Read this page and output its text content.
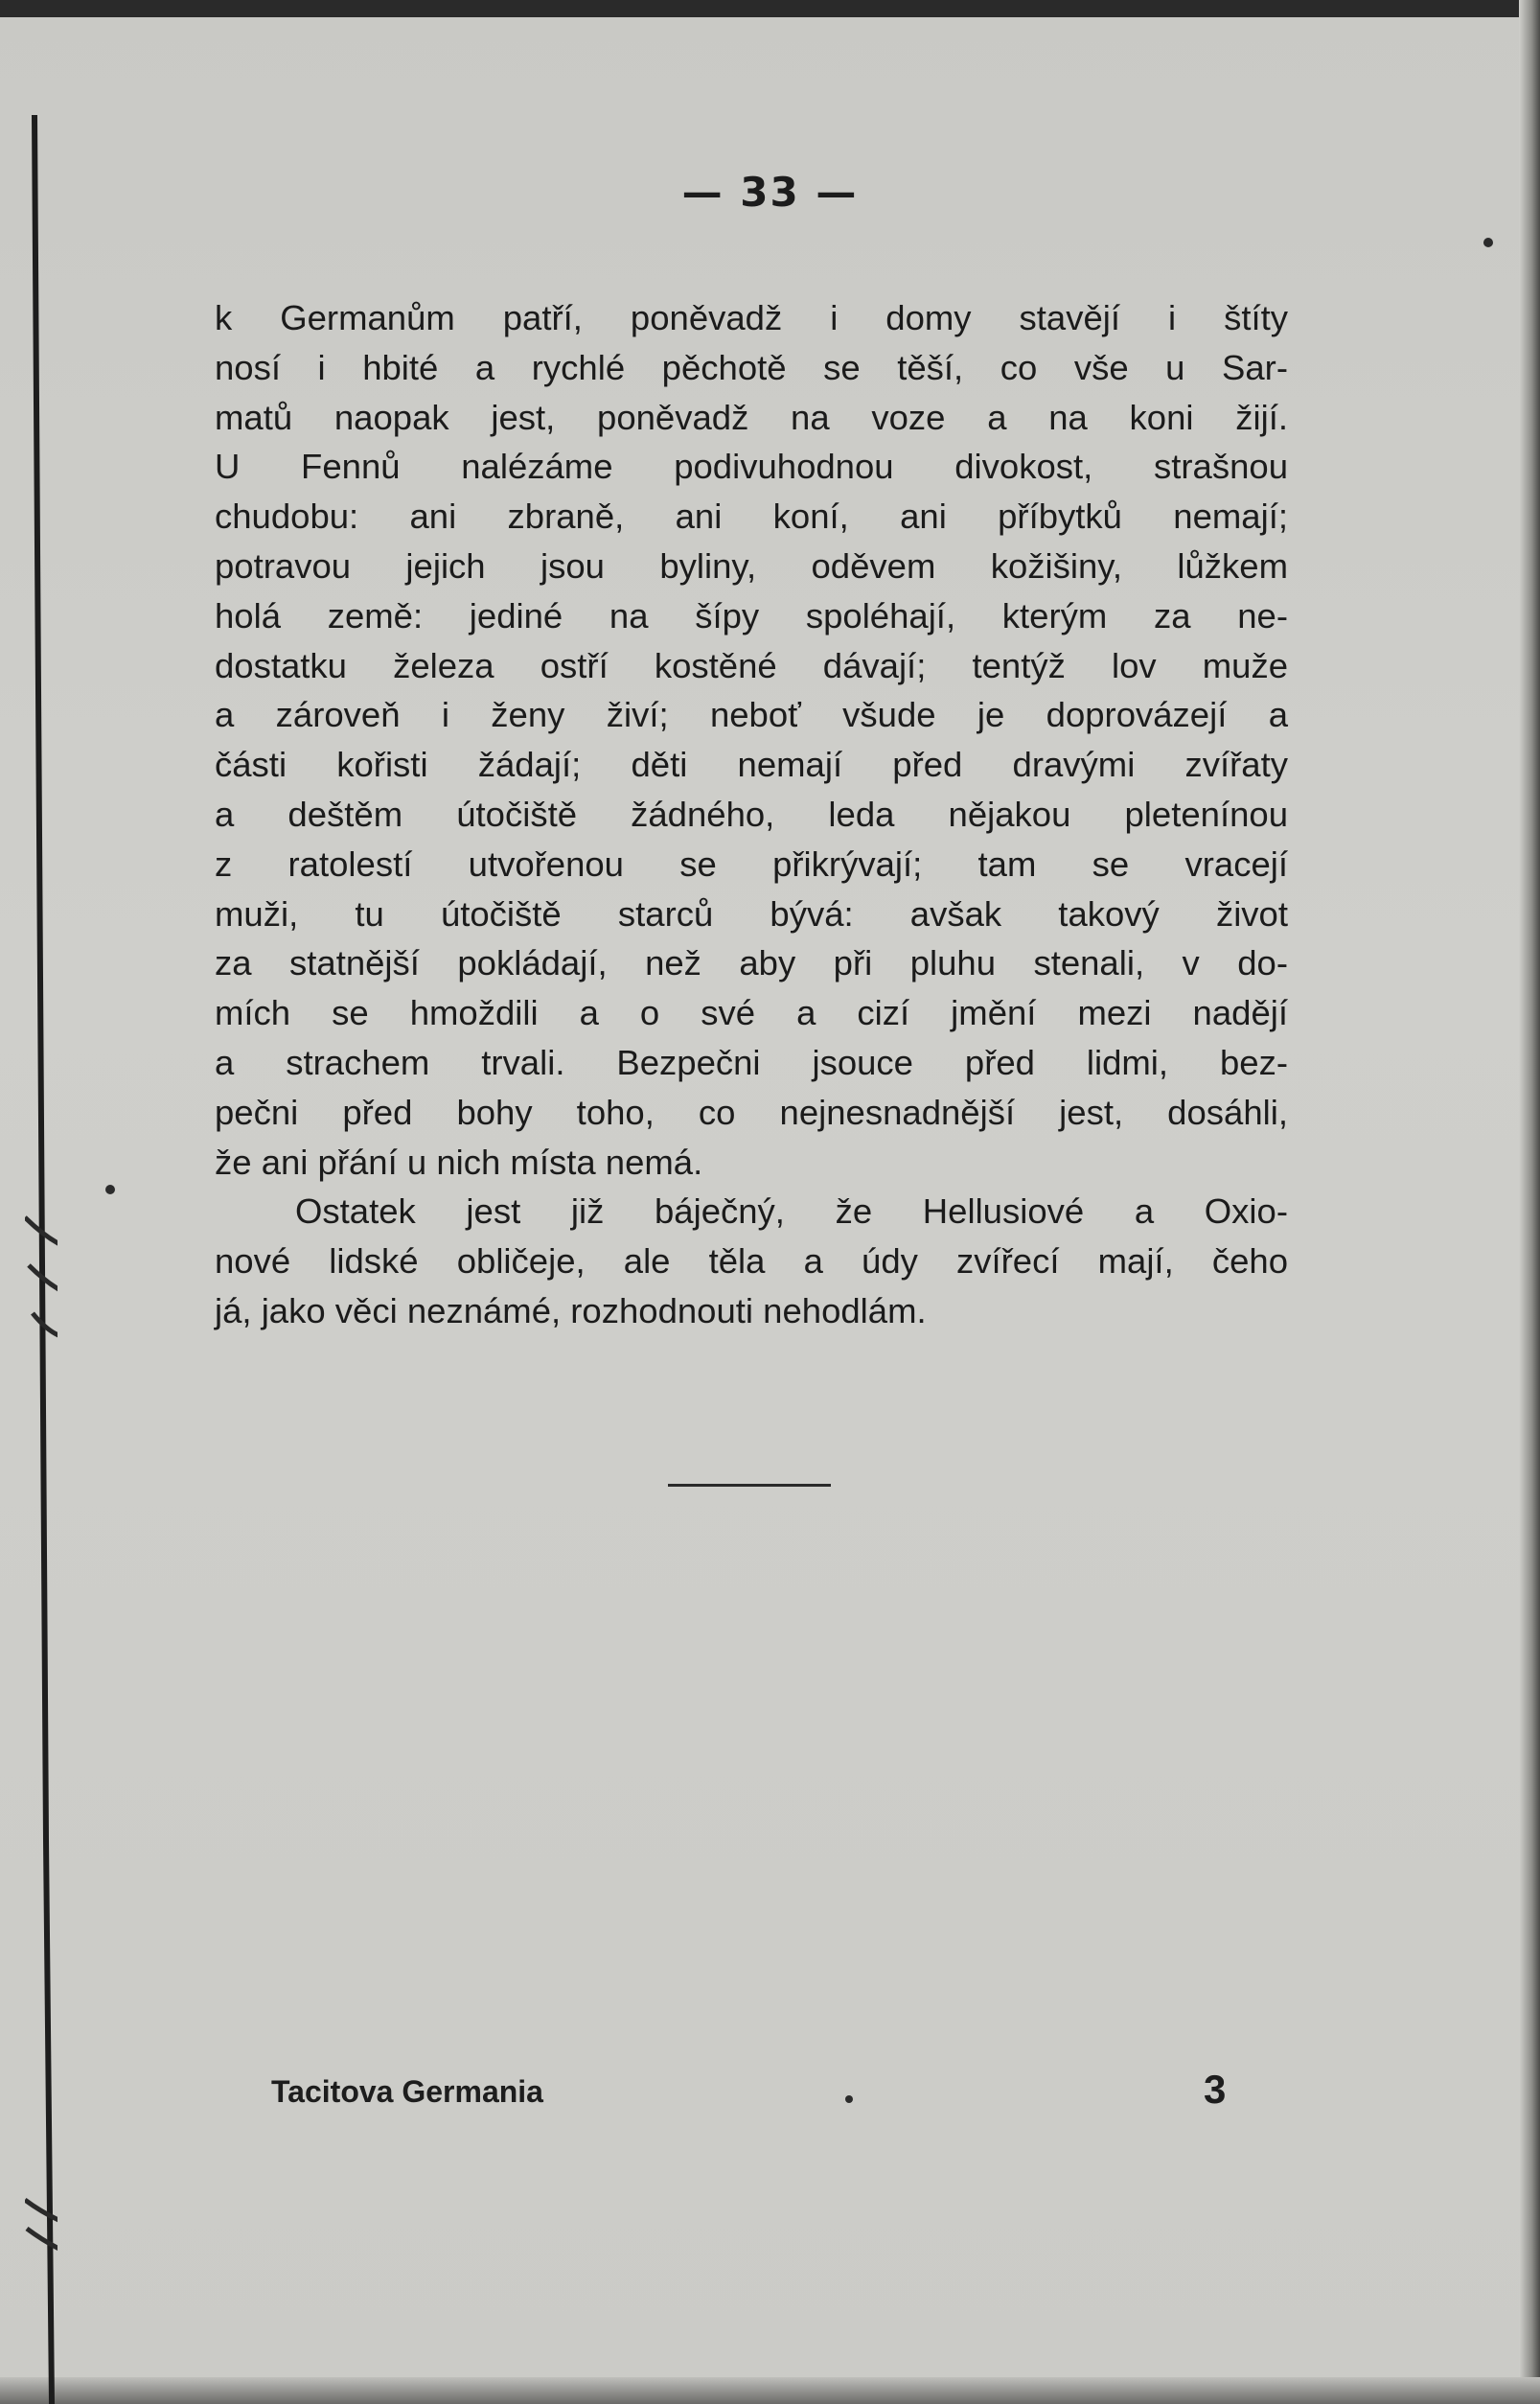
— 33 —
k Germanům patří, poněvadž i domy stavějí i štíty
nosí i hbité a rychlé pěchotě se těší, co vše u Sar-
matů naopak jest, poněvadž na voze a na koni žijí.
U Fennů nalézáme podivuhodnou divokost, strašnou
chudobu: ani zbraně, ani koní, ani příbytků nemají;
potravou jejich jsou byliny, oděvem kožišiny, lůžkem
holá země: jediné na šípy spoléhají, kterým za ne-
dostatku železa ostří kostěné dávají; tentýž lov muže
a zároveň i ženy živí; neboť všude je doprovázejí a
části kořisti žádají; děti nemají před dravými zvířaty
a deštěm útočiště žádného, leda nějakou pletenínou
z ratolestí utvořenou se přikrývají; tam se vracejí
muži, tu útočiště starců bývá: avšak takový život
za statnější pokládají, než aby při pluhu stenali, v do-
mích se hmoždili a o své a cizí jmění mezi nadějí
a strachem trvali. Bezpečni jsouce před lidmi, bez-
pečni před bohy toho, co nejnesnadnější jest, dosáhli,
že ani přání u nich místa nemá.
Ostatek jest již báječný, že Hellusiové a Oxio-
nové lidské obličeje, ale těla a údy zvířecí mají, čeho
já, jako věci neznámé, rozhodnouti nehodlám.
Tacitova Germania	3
